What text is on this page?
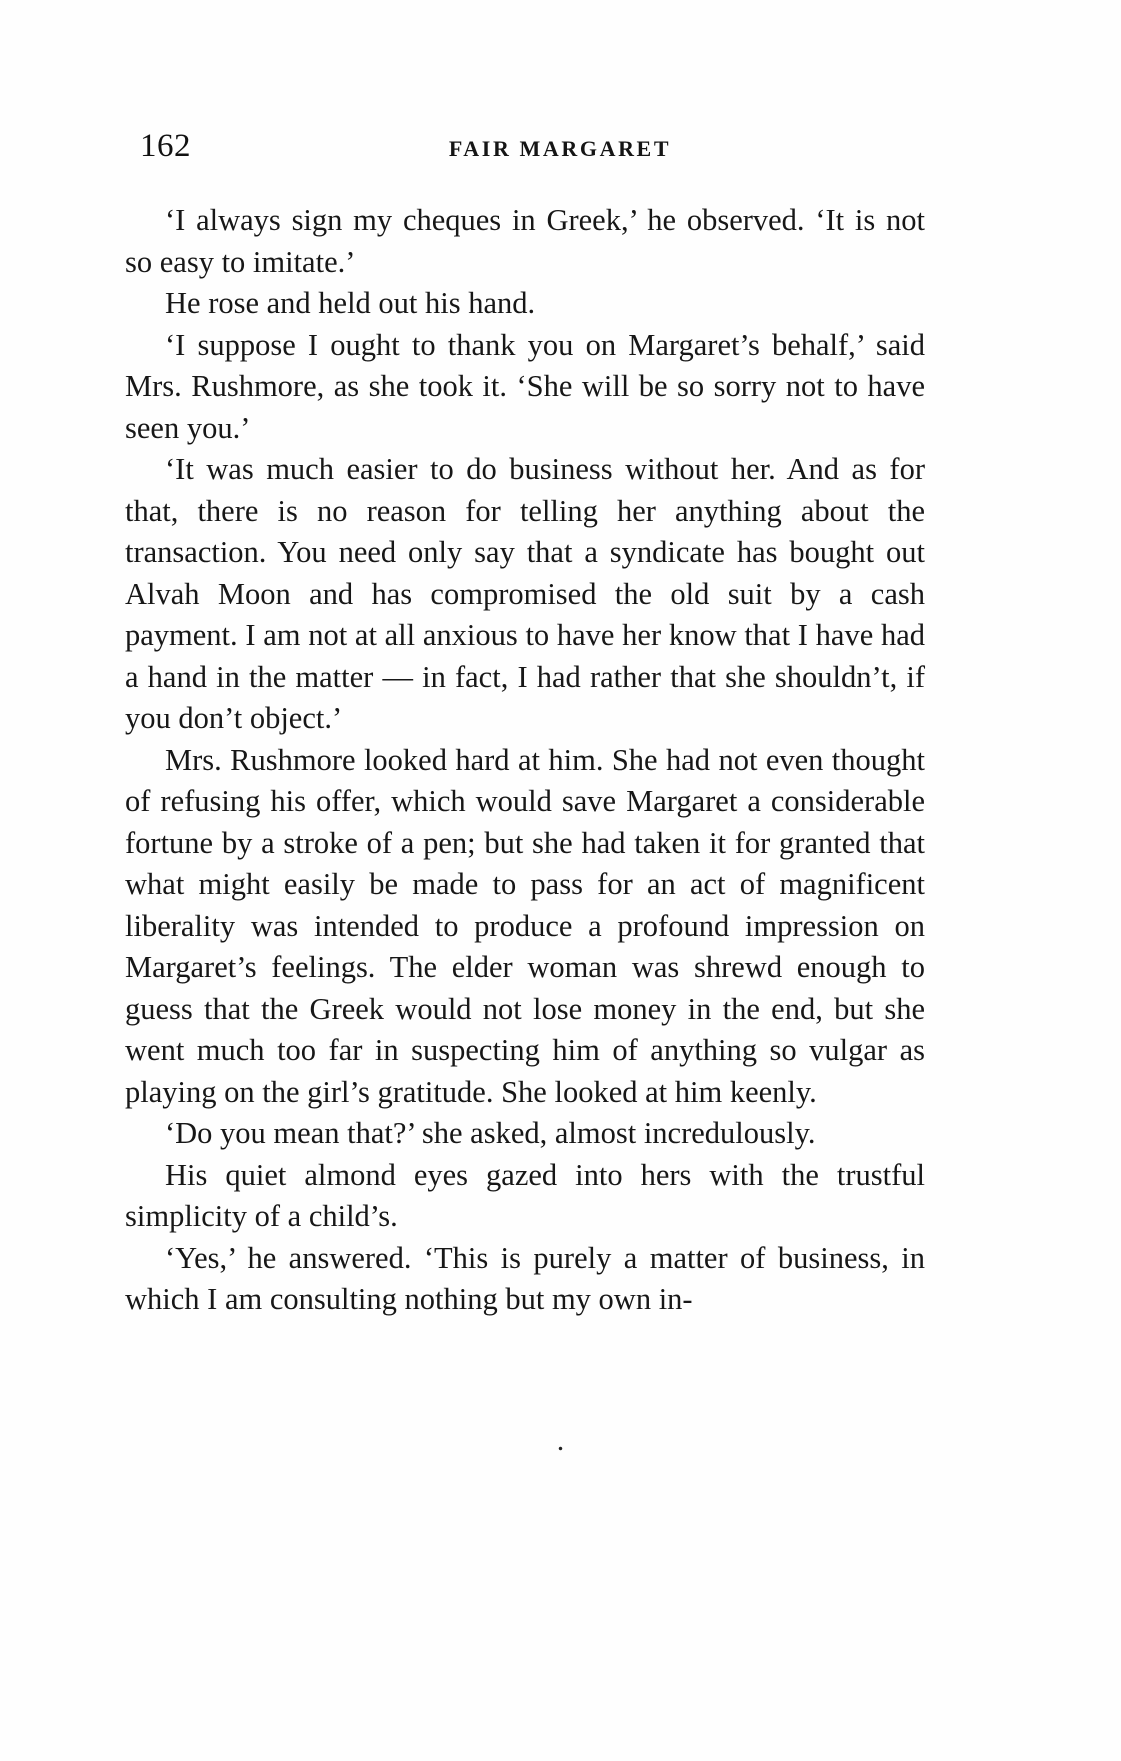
162	FAIR MARGARET

‘I always sign my cheques in Greek,’ he observed. ‘It is not so easy to imitate.’

He rose and held out his hand.

‘I suppose I ought to thank you on Margaret’s behalf,’ said Mrs. Rushmore, as she took it. ‘She will be so sorry not to have seen you.’

‘It was much easier to do business without her. And as for that, there is no reason for telling her anything about the transaction. You need only say that a syndicate has bought out Alvah Moon and has compromised the old suit by a cash payment. I am not at all anxious to have her know that I have had a hand in the matter — in fact, I had rather that she shouldn’t, if you don’t object.’

Mrs. Rushmore looked hard at him. She had not even thought of refusing his offer, which would save Margaret a considerable fortune by a stroke of a pen; but she had taken it for granted that what might easily be made to pass for an act of magnificent liberality was intended to produce a profound impression on Margaret’s feelings. The elder woman was shrewd enough to guess that the Greek would not lose money in the end, but she went much too far in suspecting him of anything so vulgar as playing on the girl’s gratitude. She looked at him keenly.

‘Do you mean that?’ she asked, almost incredulously.

His quiet almond eyes gazed into hers with the trustful simplicity of a child’s.

‘Yes,’ he answered. ‘This is purely a matter of business, in which I am consulting nothing but my own in-

.
